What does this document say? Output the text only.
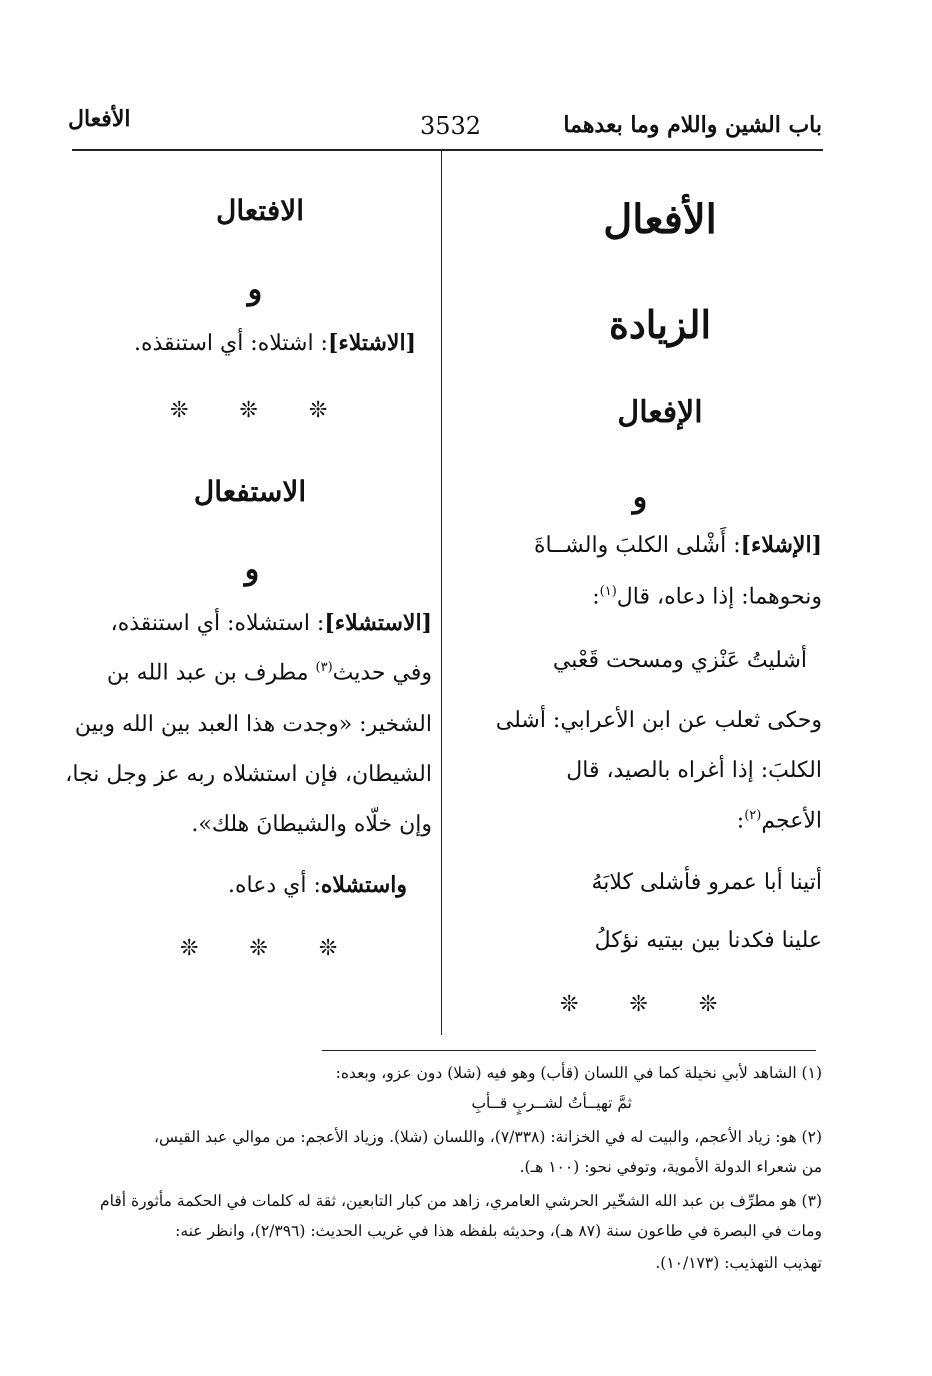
باب الشين واللام وما بعدهما
3532
الأفعال
الأفعال
الزيادة
الإفعال
و
[الإشلاء]: أَشْلى الكلبَ والشــاةَ
ونحوهما: إذا دعاه، قال$^{(١)}$:
أشليتُ عَنْزي ومسحت قَعْبي
وحكى ثعلب عن ابن الأعرابي: أشلى
الكلبَ: إذا أغراه بالصيد، قال
الأعجم$^{(٢)}$:
أتينا أبا عمرو فأشلى كلابَهُ
علينا فكدنا بين بيتيه نؤكلُ
❊ ❊ ❊
الافتعال
و
[الاشتلاء]: اشتلاه: أي استنقذه.
❊ ❊ ❊
الاستفعال
و
[الاستشلاء]: استشلاه: أي استنقذه،
وفي حديث$^{(٣)}$ مطرف بن عبد الله بن
الشخير: «وجدت هذا العبد بين الله وبين
الشيطان، فإن استشلاه ربه عز وجل نجا،
وإن خلّاه والشيطانَ هلك».
واستشلاه: أي دعاه.
❊ ❊ ❊
(١) الشاهد لأبي نخيلة كما في اللسان (قأب) وهو فيه (شلا) دون عزو، وبعده:
ثمَّ تهيــأتُ لشــربٍ قــأبِ
(٢) هو: زياد الأعجم، والبيت له في الخزانة: (٧/٣٣٨)، واللسان (شلا). وزياد الأعجم: من موالي عبد القيس،
من شعراء الدولة الأموية، وتوفي نحو: (١٠٠ هـ).
(٣) هو مطرِّف بن عبد الله الشخّير الحرشي العامري، زاهد من كبار التابعين، ثقة له كلمات في الحكمة مأثورة أقام
ومات في البصرة في طاعون سنة (٨٧ هـ)، وحديثه بلفظه هذا في غريب الحديث: (٢/٣٩٦)، وانظر عنه:
تهذيب التهذيب: (١٠/١٧٣).
